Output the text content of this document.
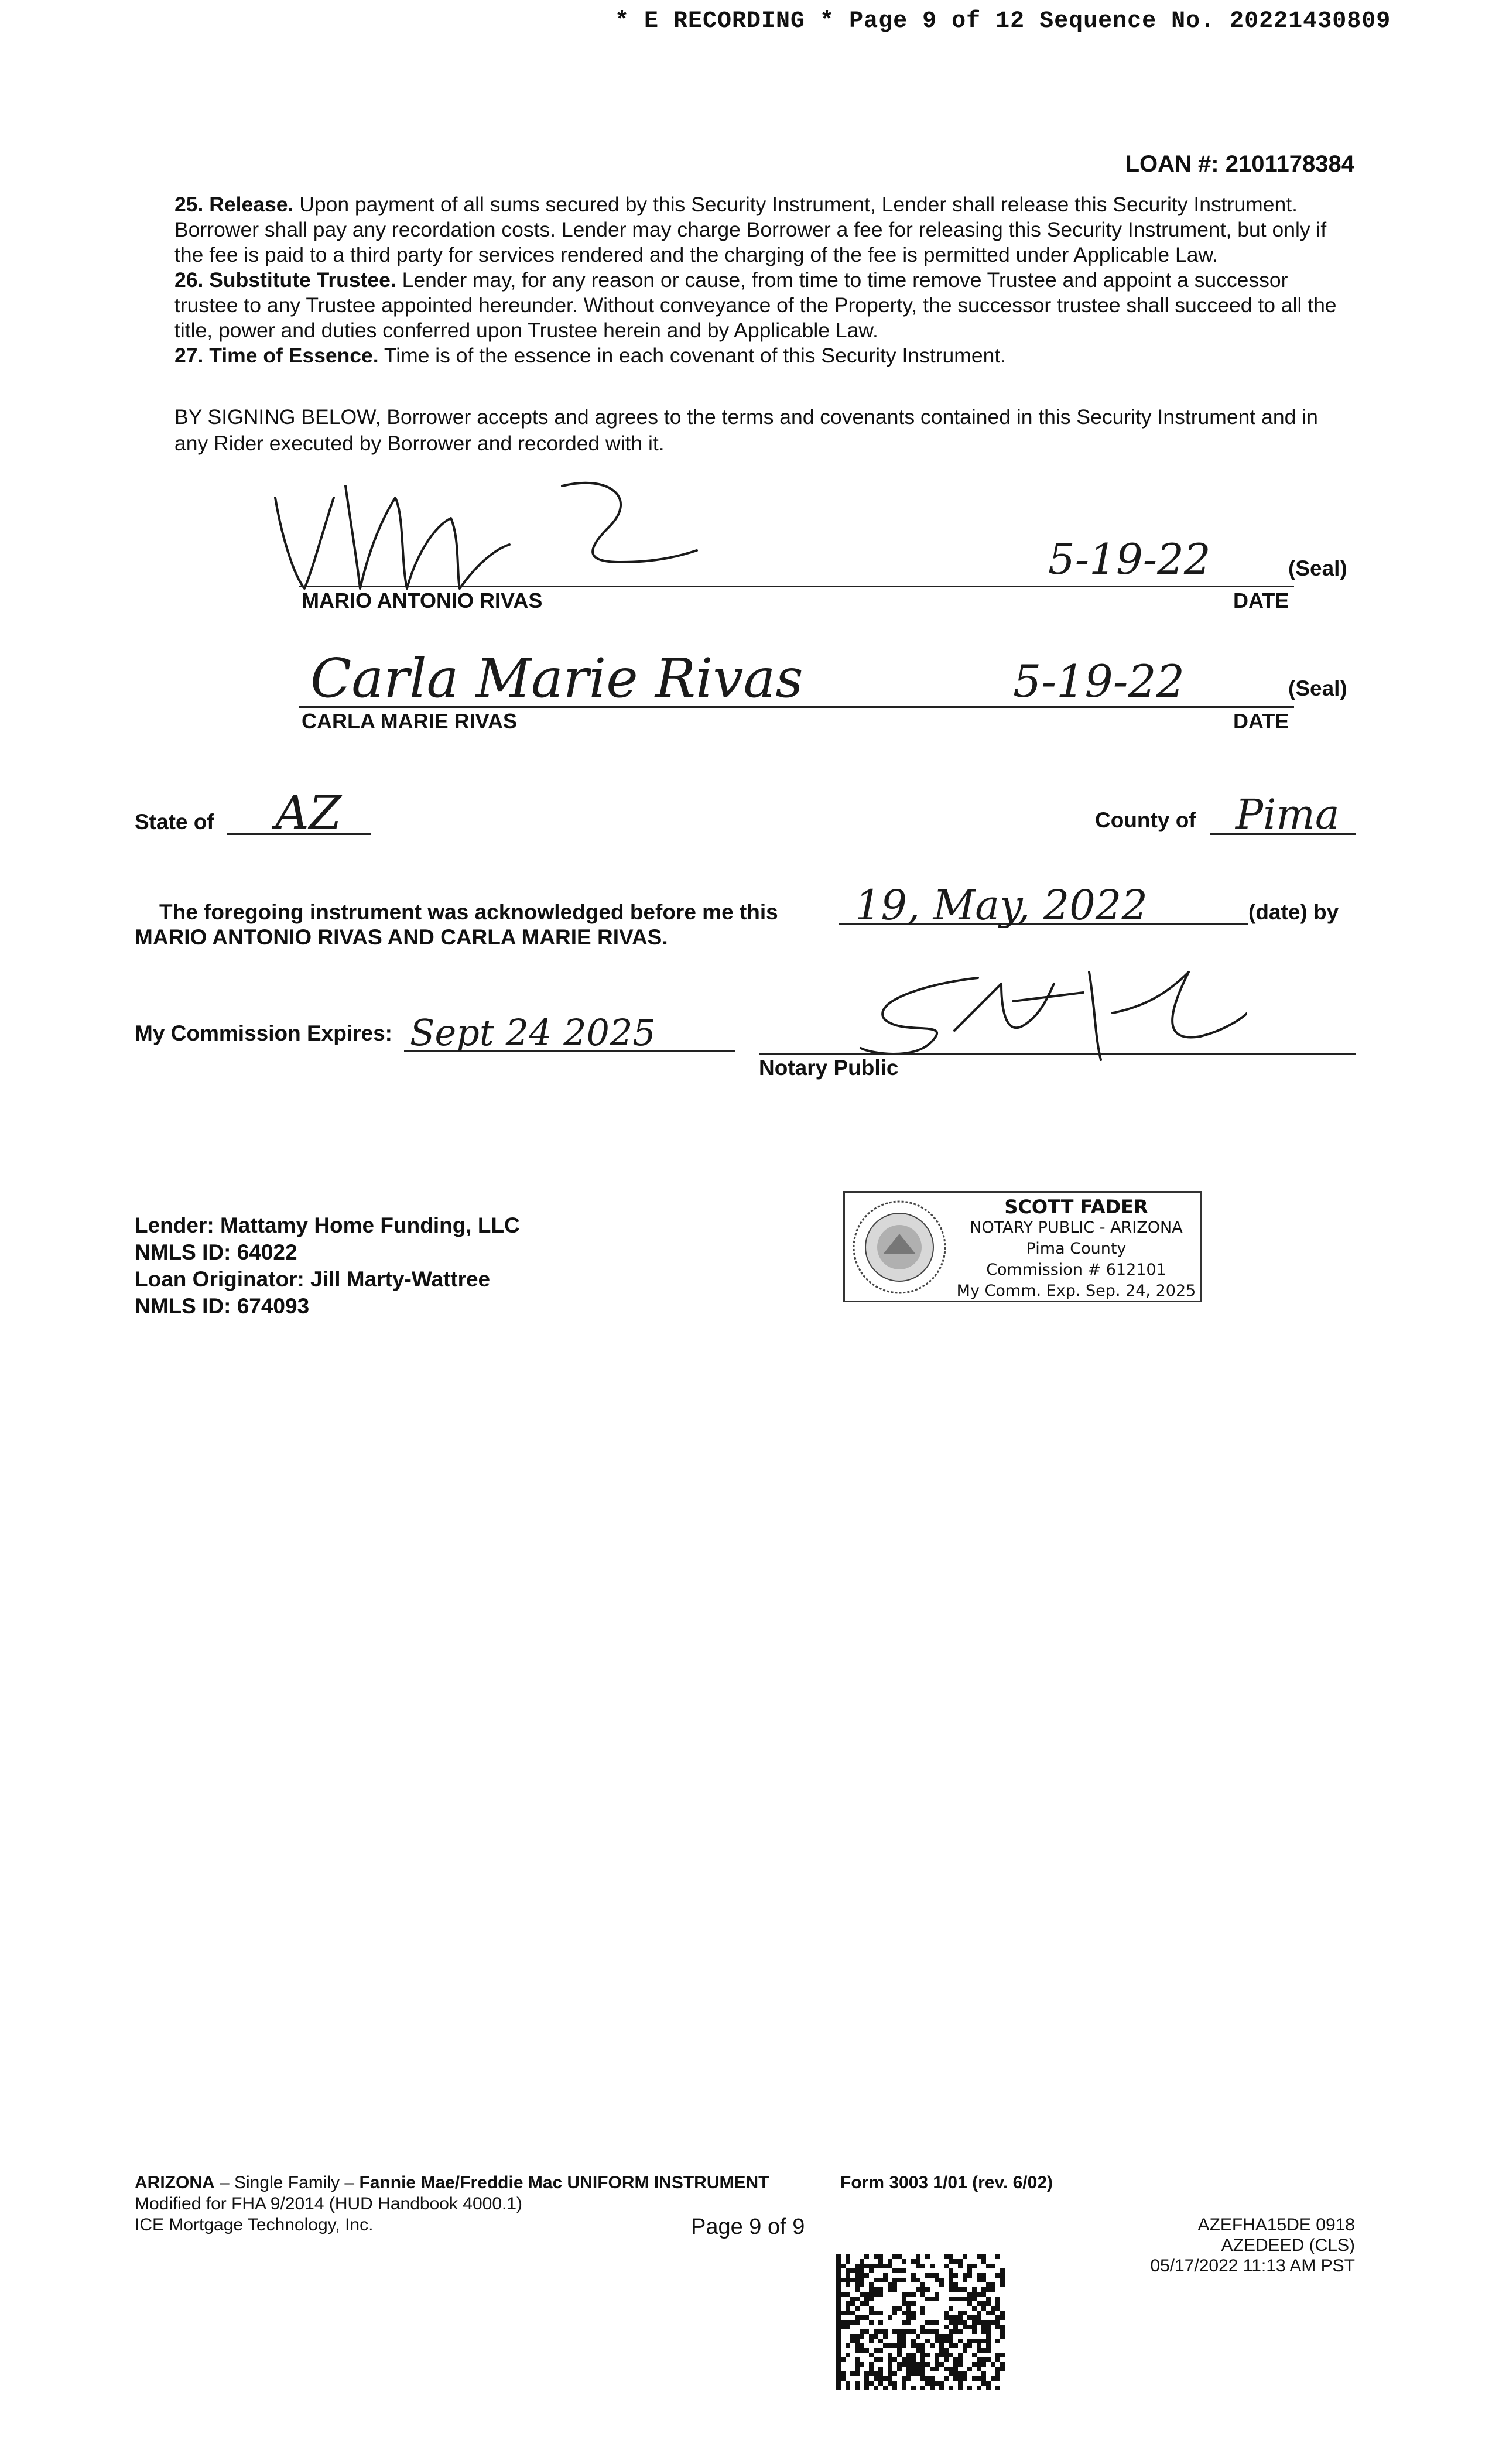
* E RECORDING * Page 9 of 12 Sequence No. 20221430809
LOAN #: 2101178384

25. Release. Upon payment of all sums secured by this Security Instrument, Lender shall release this Security Instrument. Borrower shall pay any recordation costs. Lender may charge Borrower a fee for releasing this Security Instrument, but only if the fee is paid to a third party for services rendered and the charging of the fee is permitted under Applicable Law.

26. Substitute Trustee. Lender may, for any reason or cause, from time to time remove Trustee and appoint a successor trustee to any Trustee appointed hereunder. Without conveyance of the Property, the successor trustee shall succeed to all the title, power and duties conferred upon Trustee herein and by Applicable Law.

27. Time of Essence. Time is of the essence in each covenant of this Security Instrument.

BY SIGNING BELOW, Borrower accepts and agrees to the terms and covenants contained in this Security Instrument and in any Rider executed by Borrower and recorded with it.
5-19-22	(Seal)
MARIO ANTONIO RIVAS	DATE
Carla Marie Rivas	5-19-22	(Seal)
CARLA MARIE RIVAS	DATE
State of AZ	County of Pima
The foregoing instrument was acknowledged before me this 19, May, 2022	(date) by
MARIO ANTONIO RIVAS AND CARLA MARIE RIVAS.
My Commission Expires: Sept 24 2025
Notary Public
SCOTT FADER
NOTARY PUBLIC - ARIZONA
Pima County
Commission # 612101
My Comm. Exp. Sep. 24, 2025
Lender: Mattamy Home Funding, LLC
NMLS ID: 64022
Loan Originator: Jill Marty-Wattree
NMLS ID: 674093
ARIZONA – Single Family – Fannie Mae/Freddie Mac UNIFORM INSTRUMENT
Modified for FHA 9/2014 (HUD Handbook 4000.1)
ICE Mortgage Technology, Inc.
Form 3003 1/01 (rev. 6/02)
Page 9 of 9	AZEFHA15DE 0918
AZEDEED (CLS)
05/17/2022 11:13 AM PST
